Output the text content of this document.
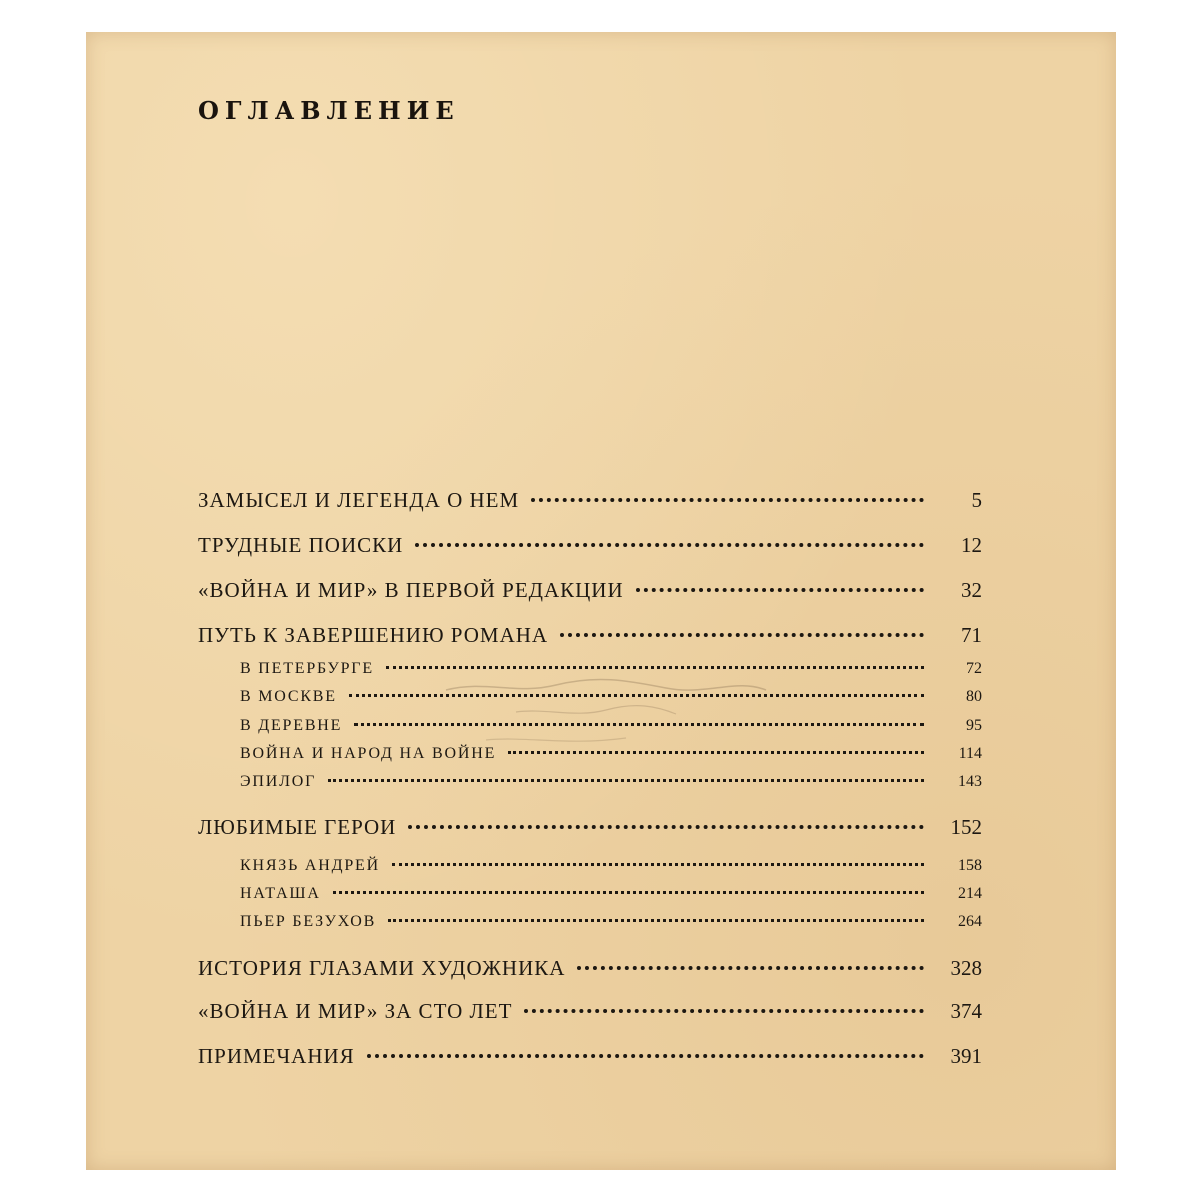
ОГЛАВЛЕНИЕ
ЗАМЫСЕЛ И ЛЕГЕНДА О НЕМ	5
ТРУДНЫЕ ПОИСКИ	12
«ВОЙНА И МИР» В ПЕРВОЙ РЕДАКЦИИ	32
ПУТЬ К ЗАВЕРШЕНИЮ РОМАНА	71
В ПЕТЕРБУРГЕ	72
В МОСКВЕ	80
В ДЕРЕВНЕ	95
ВОЙНА И НАРОД НА ВОЙНЕ	114
ЭПИЛОГ	143
ЛЮБИМЫЕ ГЕРОИ	152
КНЯЗЬ АНДРЕЙ	158
НАТАША	214
ПЬЕР БЕЗУХОВ	264
ИСТОРИЯ ГЛАЗАМИ ХУДОЖНИКА	328
«ВОЙНА И МИР» ЗА СТО ЛЕТ	374
ПРИМЕЧАНИЯ	391
